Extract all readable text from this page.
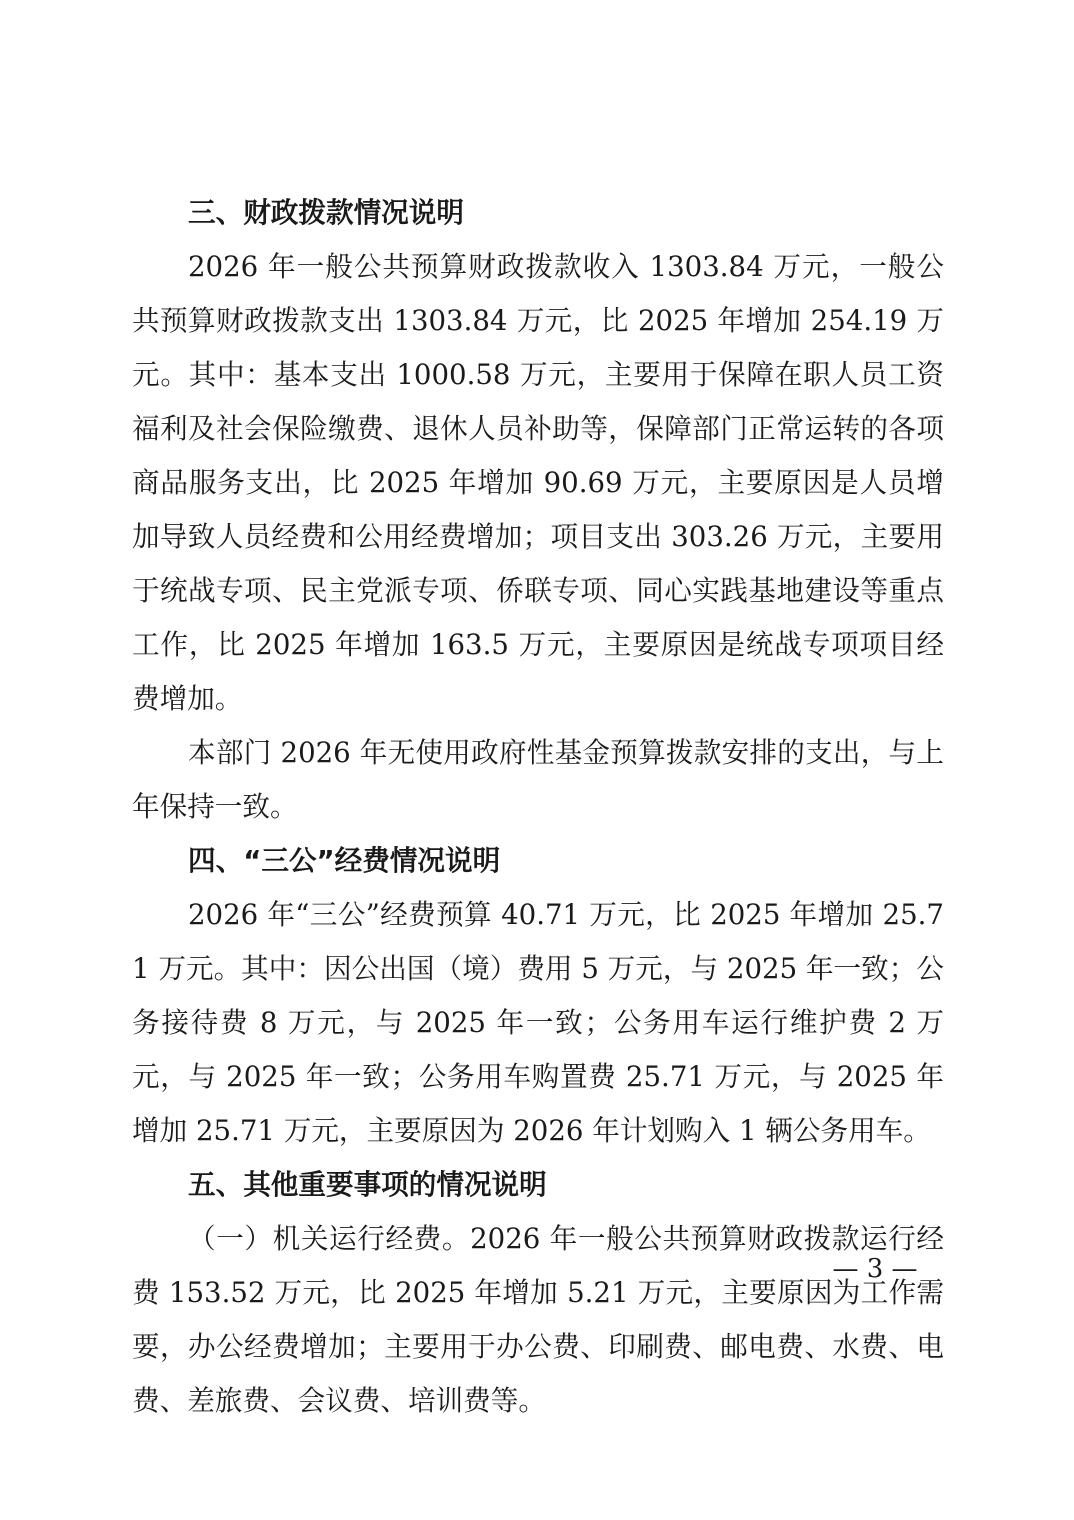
三、财政拨款情况说明

2026 年一般公共预算财政拨款收入 1303.84 万元，一般公共预算财政拨款支出 1303.84 万元，比 2025 年增加 254.19 万元。其中：基本支出 1000.58 万元，主要用于保障在职人员工资福利及社会保险缴费、退休人员补助等，保障部门正常运转的各项商品服务支出，比 2025 年增加 90.69 万元，主要原因是人员增加导致人员经费和公用经费增加；项目支出 303.26 万元，主要用于统战专项、民主党派专项、侨联专项、同心实践基地建设等重点工作，比 2025 年增加 163.5 万元，主要原因是统战专项项目经费增加。

本部门 2026 年无使用政府性基金预算拨款安排的支出，与上年保持一致。

四、“三公”经费情况说明

2026 年“三公”经费预算 40.71 万元，比 2025 年增加 25.71 万元。其中：因公出国（境）费用 5 万元，与 2025 年一致；公务接待费 8 万元，与 2025 年一致；公务用车运行维护费 2 万元，与 2025 年一致；公务用车购置费 25.71 万元，与 2025 年增加 25.71 万元，主要原因为 2026 年计划购入 1 辆公务用车。

五、其他重要事项的情况说明

（一）机关运行经费。2026 年一般公共预算财政拨款运行经费 153.52 万元，比 2025 年增加 5.21 万元，主要原因为工作需要，办公经费增加；主要用于办公费、印刷费、邮电费、水费、电费、差旅费、会议费、培训费等。

— 3 —
